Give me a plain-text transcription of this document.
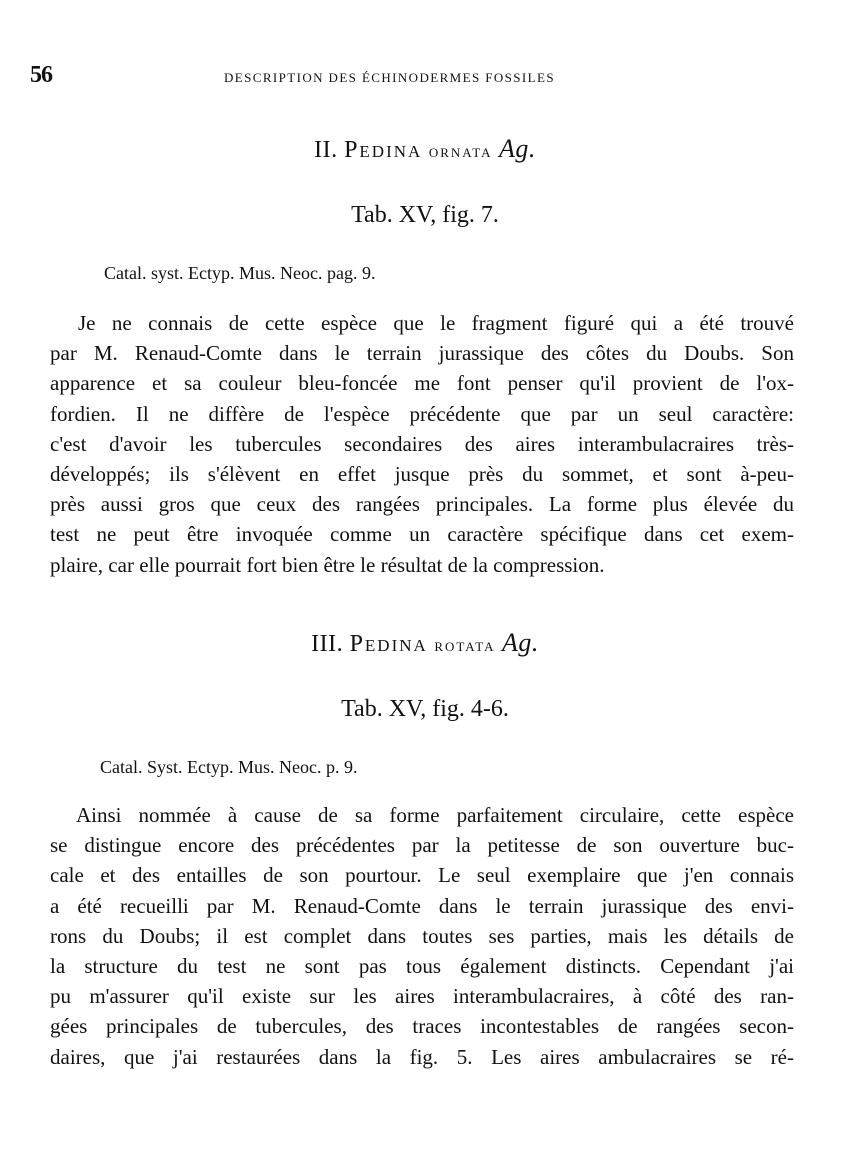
56	DESCRIPTION DES ÉCHINODERMES FOSSILES
II. Pedina ornata Ag.
Tab. XV, fig. 7.
Catal. syst. Ectyp. Mus. Neoc. pag. 9.
Je ne connais de cette espèce que le fragment figuré qui a été trouvé
par M. Renaud-Comte dans le terrain jurassique des côtes du Doubs. Son
apparence et sa couleur bleu-foncée me font penser qu'il provient de l'ox-
fordien. Il ne diffère de l'espèce précédente que par un seul caractère:
c'est d'avoir les tubercules secondaires des aires interambulacraires très-
développés; ils s'élèvent en effet jusque près du sommet, et sont à-peu-
près aussi gros que ceux des rangées principales. La forme plus élevée du
test ne peut être invoquée comme un caractère spécifique dans cet exem-
plaire, car elle pourrait fort bien être le résultat de la compression.
III. Pedina rotata Ag.
Tab. XV, fig. 4-6.
Catal. Syst. Ectyp. Mus. Neoc. p. 9.
Ainsi nommée à cause de sa forme parfaitement circulaire, cette espèce
se distingue encore des précédentes par la petitesse de son ouverture buc-
cale et des entailles de son pourtour. Le seul exemplaire que j'en connais
a été recueilli par M. Renaud-Comte dans le terrain jurassique des envi-
rons du Doubs; il est complet dans toutes ses parties, mais les détails de
la structure du test ne sont pas tous également distincts. Cependant j'ai
pu m'assurer qu'il existe sur les aires interambulacraires, à côté des ran-
gées principales de tubercules, des traces incontestables de rangées secon-
daires, que j'ai restaurées dans la fig. 5. Les aires ambulacraires se ré-
